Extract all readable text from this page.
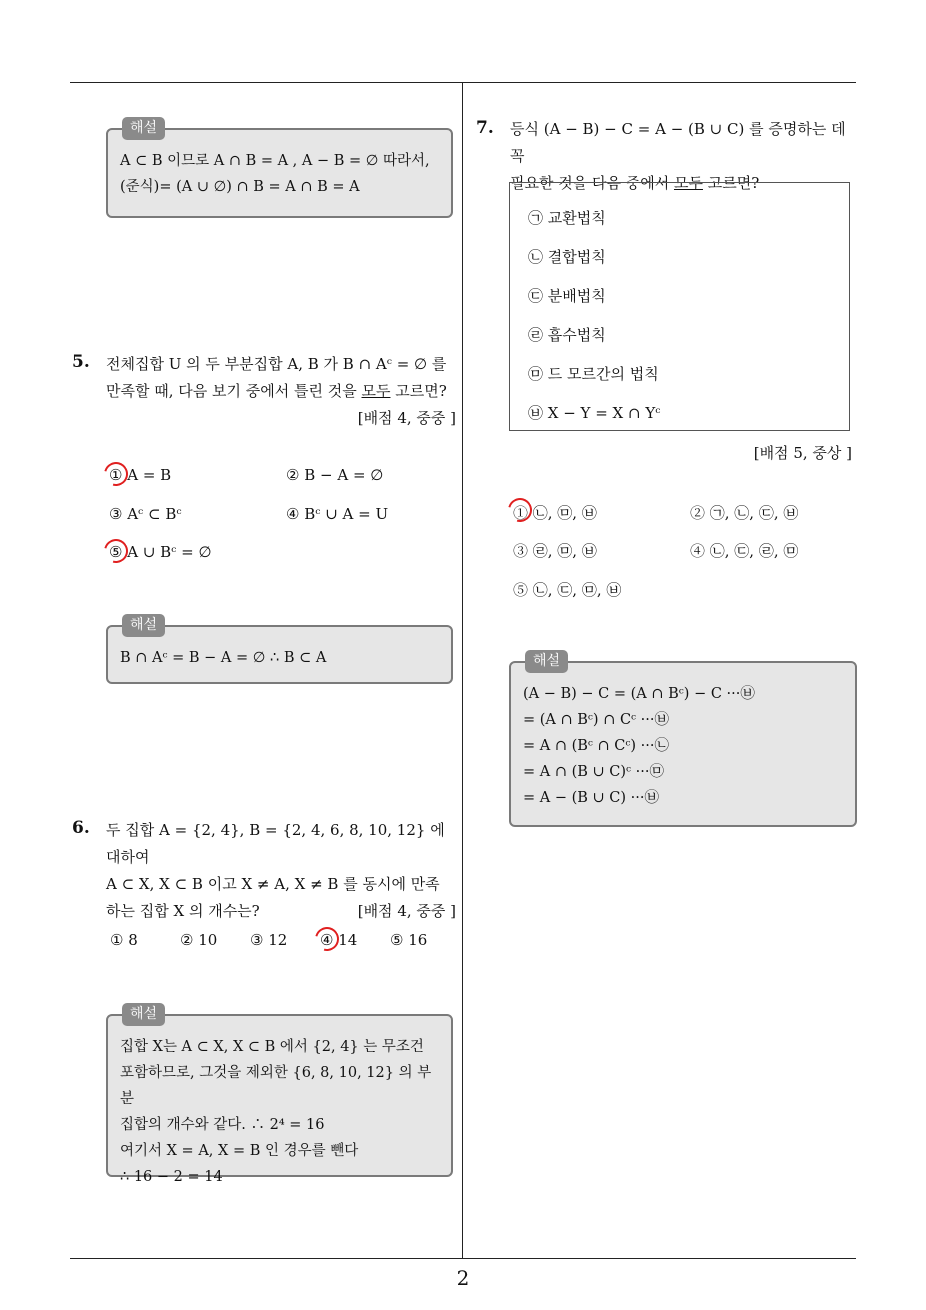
해설
A ⊂ B 이므로 A ∩ B = A , A − B = ∅ 따라서,
(준식)= (A ∪ ∅) ∩ B = A ∩ B = A
5. 전체집합 U 의 두 부분집합 A, B 가 B ∩ Aᶜ = ∅ 를
만족할 때, 다음 보기 중에서 틀린 것을 모두 고르면?
[배점 4, 중중 ]
① A = B	② B − A = ∅
③ Aᶜ ⊂ Bᶜ	④ Bᶜ ∪ A = U
⑤ A ∪ Bᶜ = ∅
해설
B ∩ Aᶜ = B − A = ∅ ∴ B ⊂ A
6. 두 집합 A = {2, 4}, B = {2, 4, 6, 8, 10, 12} 에 대하여
A ⊂ X, X ⊂ B 이고 X ≠ A, X ≠ B 를 동시에 만족
하는 집합 X 의 개수는?	[배점 4, 중중 ]
① 8	② 10 ③ 12 ④ 14 ⑤ 16
해설
집합 X는 A ⊂ X, X ⊂ B 에서 {2, 4} 는 무조건
포함하므로, 그것을 제외한 {6, 8, 10, 12} 의 부분
집합의 개수와 같다. ∴ 2⁴ = 16
여기서 X = A, X = B 인 경우를 뺀다
∴ 16 − 2 = 14
7. 등식 (A − B) − C = A − (B ∪ C) 를 증명하는 데 꼭
필요한 것을 다음 중에서 모두 고르면?
㉠ 교환법칙
㉡ 결합법칙
㉢ 분배법칙
㉣ 흡수법칙
㉤ 드 모르간의 법칙
㉥ X − Y = X ∩ Yᶜ
[배점 5, 중상 ]
① ㉡, ㉤, ㉥	② ㉠, ㉡, ㉢, ㉥
③ ㉣, ㉤, ㉥	④ ㉡, ㉢, ㉣, ㉤
⑤ ㉡, ㉢, ㉤, ㉥
해설
(A − B) − C = (A ∩ Bᶜ) − C ···㉥
= (A ∩ Bᶜ) ∩ Cᶜ ···㉥
= A ∩ (Bᶜ ∩ Cᶜ) ···㉡
= A ∩ (B ∪ C)ᶜ ···㉤
= A − (B ∪ C) ···㉥
2
